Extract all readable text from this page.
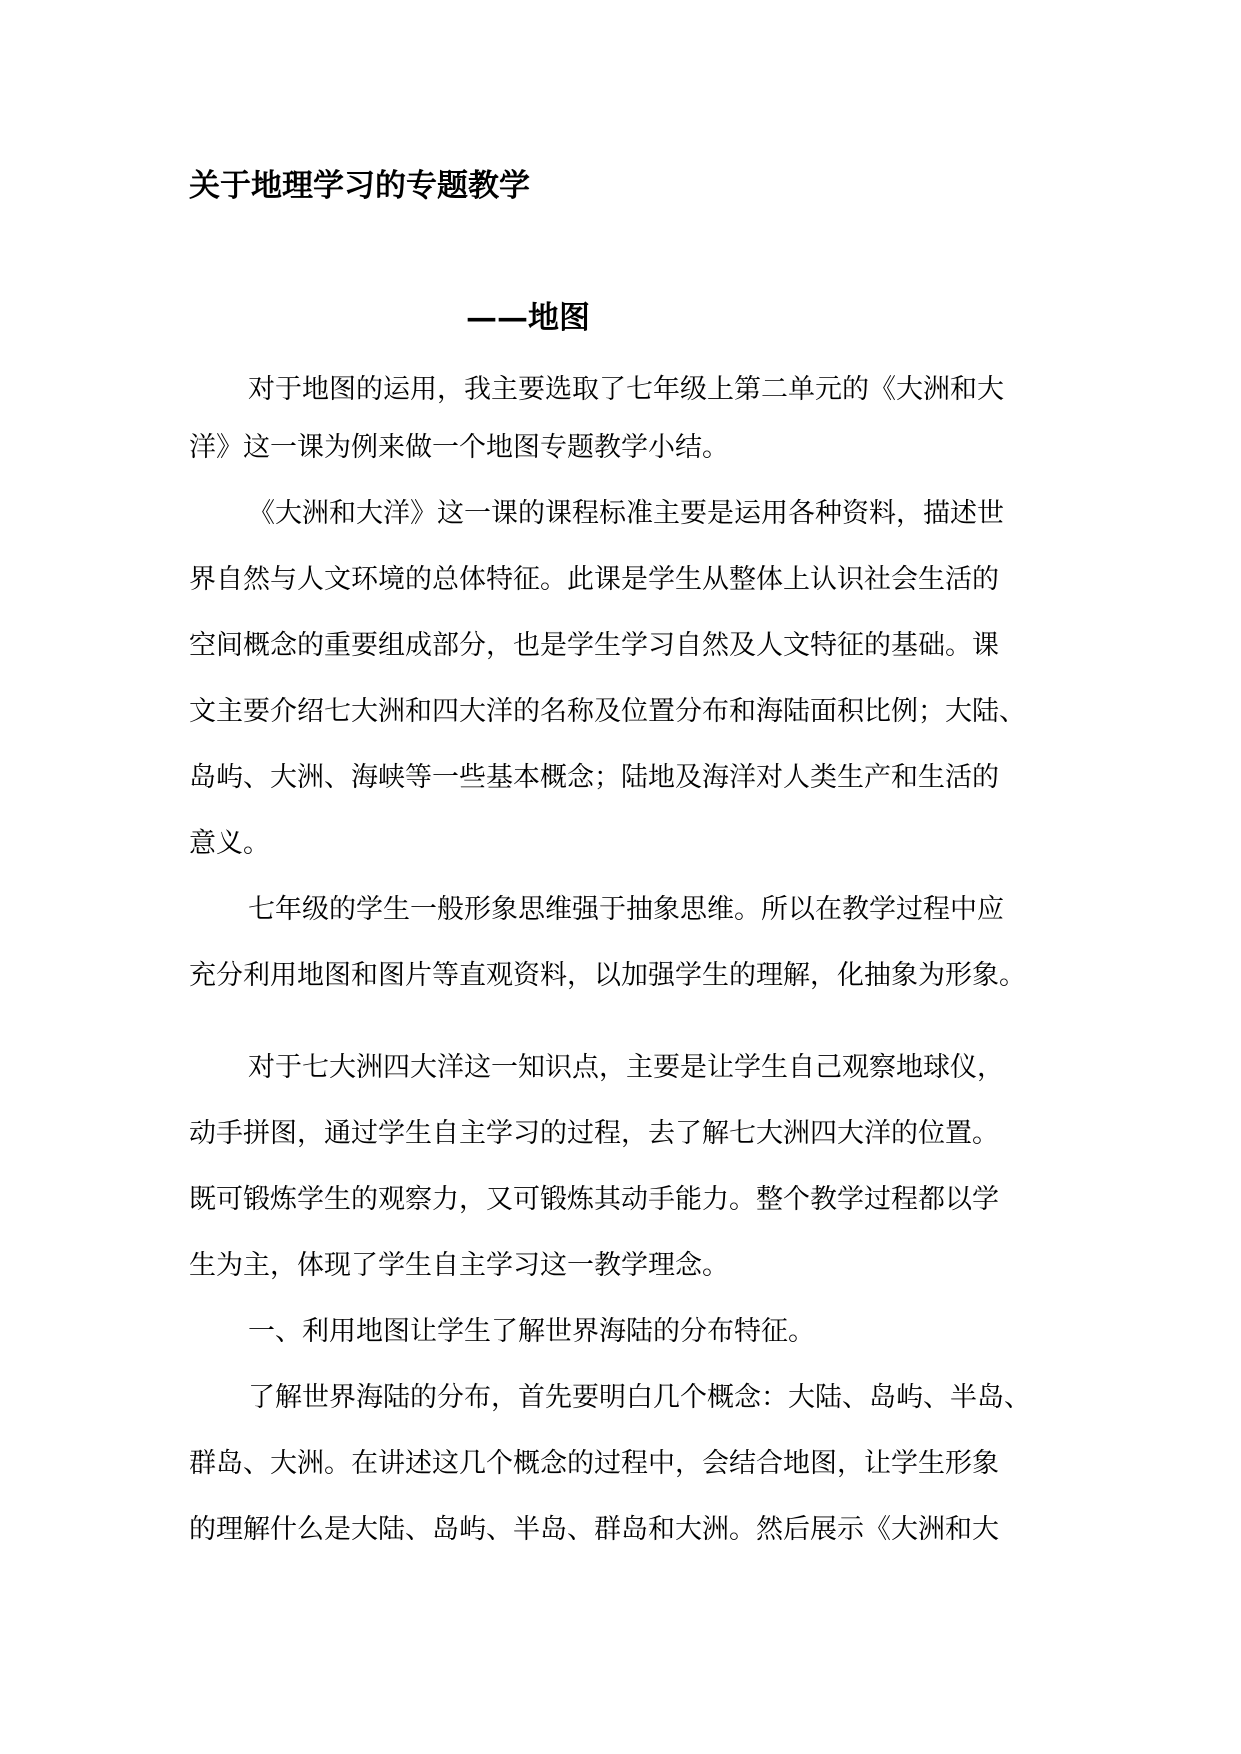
关于地理学习的专题教学
——地图

对于地图的运用，我主要选取了七年级上第二单元的《大洲和大

洋》这一课为例来做一个地图专题教学小结。

《大洲和大洋》这一课的课程标准主要是运用各种资料，描述世

界自然与人文环境的总体特征。此课是学生从整体上认识社会生活的

空间概念的重要组成部分，也是学生学习自然及人文特征的基础。课

文主要介绍七大洲和四大洋的名称及位置分布和海陆面积比例；大陆、

岛屿、大洲、海峡等一些基本概念；陆地及海洋对人类生产和生活的

意义。

七年级的学生一般形象思维强于抽象思维。所以在教学过程中应

充分利用地图和图片等直观资料，以加强学生的理解，化抽象为形象。

对于七大洲四大洋这一知识点，主要是让学生自己观察地球仪，

动手拼图，通过学生自主学习的过程，去了解七大洲四大洋的位置。

既可锻炼学生的观察力，又可锻炼其动手能力。整个教学过程都以学

生为主，体现了学生自主学习这一教学理念。

一、利用地图让学生了解世界海陆的分布特征。

了解世界海陆的分布，首先要明白几个概念：大陆、岛屿、半岛、

群岛、大洲。在讲述这几个概念的过程中，会结合地图，让学生形象

的理解什么是大陆、岛屿、半岛、群岛和大洲。然后展示《大洲和大
